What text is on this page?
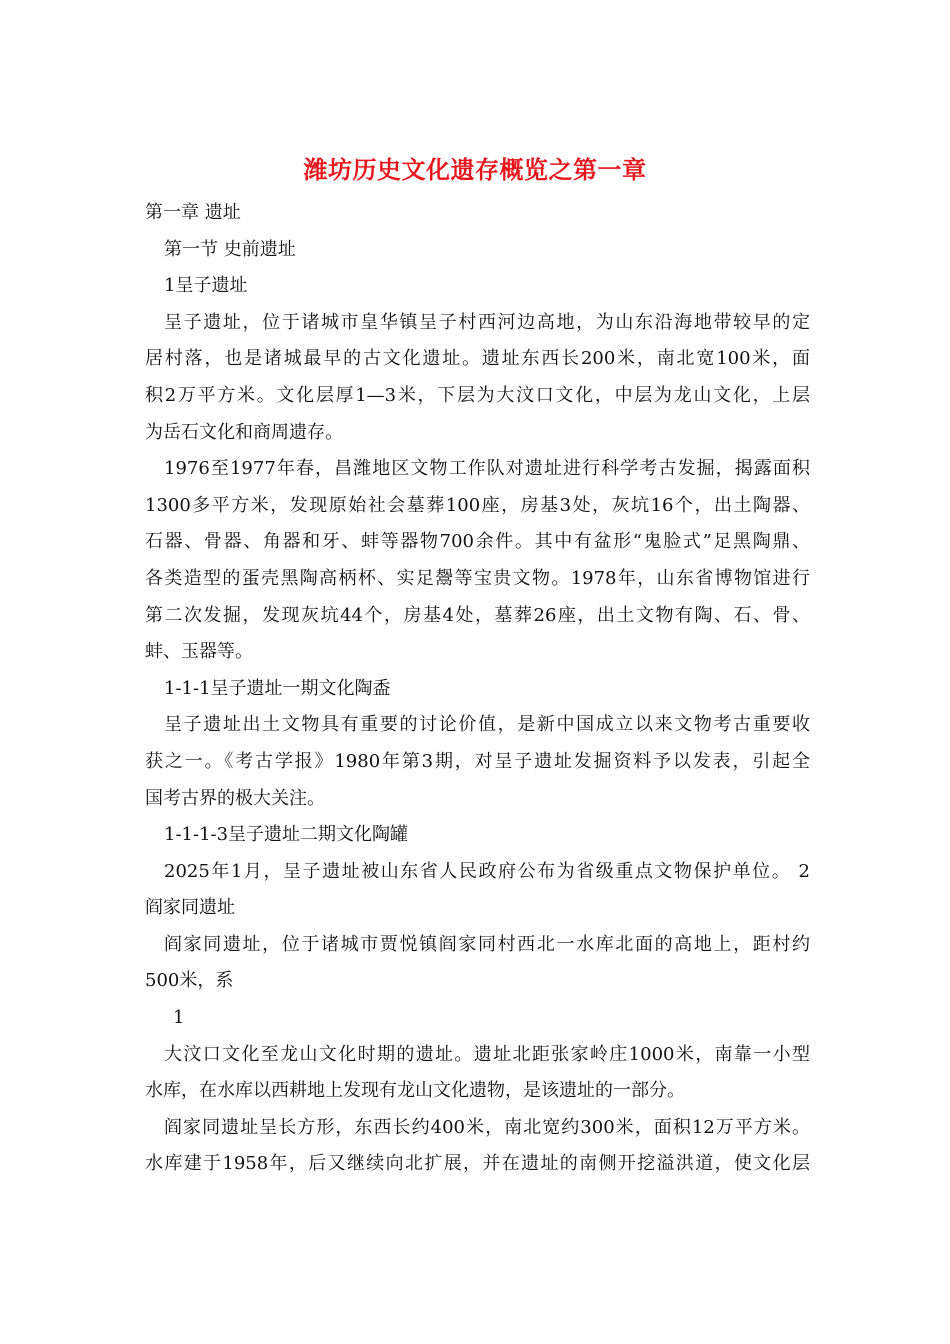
潍坊历史文化遗存概览之第一章
第一章 遗址
第一节 史前遗址
1呈子遗址
呈子遗址，位于诸城市皇华镇呈子村西河边高地，为山东沿海地带较早的定
居村落，也是诸城最早的古文化遗址。遗址东西长200米，南北宽100米，面
积2万平方米。文化层厚1—3米，下层为大汶口文化，中层为龙山文化，上层
为岳石文化和商周遗存。
1976至1977年春，昌潍地区文物工作队对遗址进行科学考古发掘，揭露面积
1300多平方米，发现原始社会墓葬100座，房基3处，灰坑16个，出土陶器、
石器、骨器、角器和牙、蚌等器物700余件。其中有盆形“鬼脸式”足黑陶鼎、
各类造型的蛋壳黑陶高柄杯、实足鬶等宝贵文物。1978年，山东省博物馆进行
第二次发掘，发现灰坑44个，房基4处，墓葬26座，出土文物有陶、石、骨、
蚌、玉器等。
1-1-1呈子遗址一期文化陶盉
呈子遗址出土文物具有重要的讨论价值，是新中国成立以来文物考古重要收
获之一。《考古学报》1980年第3期，对呈子遗址发掘资料予以发表，引起全
国考古界的极大关注。
1-1-1-3呈子遗址二期文化陶罐
2025年1月，呈子遗址被山东省人民政府公布为省级重点文物保护单位。 2
阎家同遗址
阎家同遗址，位于诸城市贾悦镇阎家同村西北一水库北面的高地上，距村约
500米，系
1
大汶口文化至龙山文化时期的遗址。遗址北距张家岭庄1000米，南靠一小型
水库，在水库以西耕地上发现有龙山文化遗物，是该遗址的一部分。
阎家同遗址呈长方形，东西长约400米，南北宽约300米，面积12万平方米。
水库建于1958年，后又继续向北扩展，并在遗址的南侧开挖溢洪道，使文化层
